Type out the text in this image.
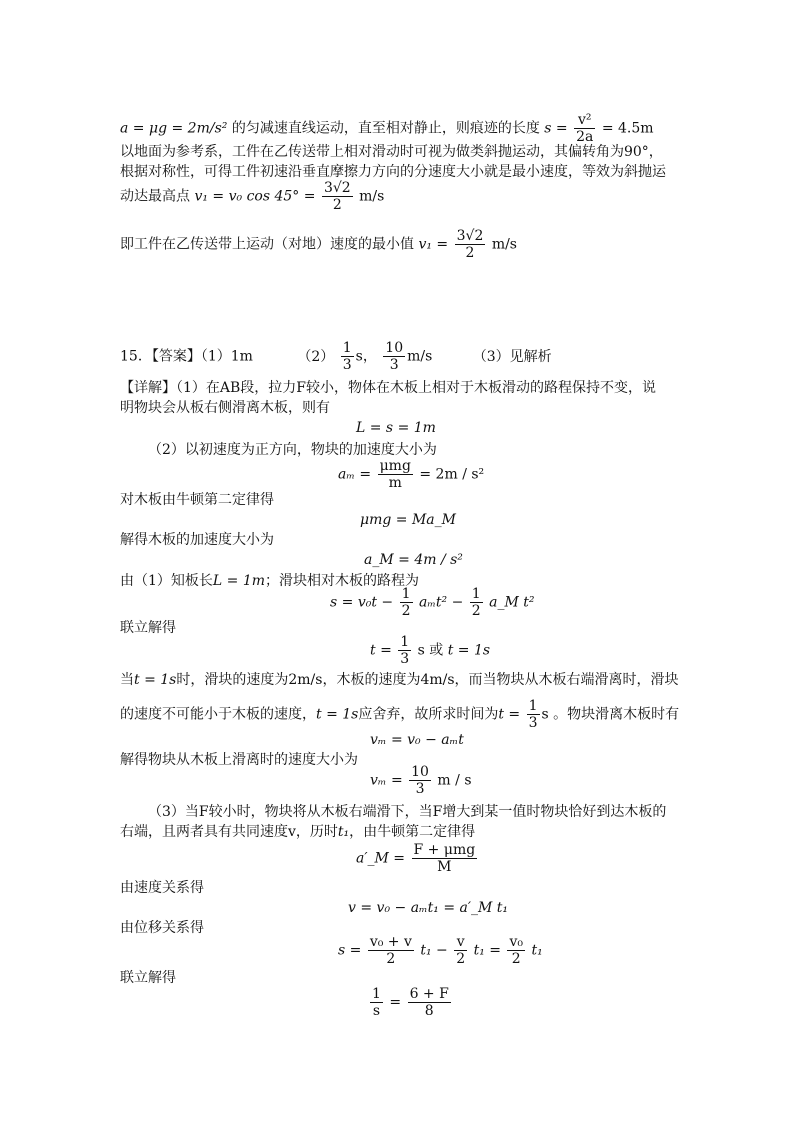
a = μg = 2m/s² 的匀减速直线运动，直至相对静止，则痕迹的长度 $s = \frac{\text{v²}}{2a} = 4.5m$
以地面为参考系，工件在乙传送带上相对滑动时可视为做类斜抛运动，其偏转角为90°，
根据对称性，可得工件初速沿垂直摩擦力方向的分速度大小就是最小速度，等效为斜抛运
动达最高点 v₁ = v₀ $\cos 45^\circ = \frac{3√2}{2} m/s$
即工件在乙传送带上运动（对地）速度的最小值 $v_1 = \frac{3√2}{2} m/s$
15．【答案】（1）1m	$(2) \frac{1}{3}$ s， $\frac{10}{3} m/s$	（3）见解析
【详解】（1）在AB段，拉力F较小，物体在木板上相对于木板滑动的路程保持不变，说
明物块会从板右侧滑离木板，则有
L = s = 1m
（2）以初速度为正方向，物块的加速度大小为
$a_m = \frac{\text{μmg}}{m} = 2m / s^2$
对木板由牛顿第二定律得
μmg = Ma_M
解得木板的加速度大小为
a_M = 4m / s²
由（1）知板长L = 1m；滑块相对木板的路程为
$s = v_0t - \frac{1}{2} a_mt^2 - \frac{1}{2}$ a_M t²
联立解得
$t = \frac{1}{3}$ s 或 t = 1s
当t = 1s时，滑块的速度为2m/s，木板的速度为4m/s，而当物块从木板右端滑离时，滑块
的速度不可能小于木板的速度，t = 1s应舍弃，故所求时间为$t = \frac{1}{3}$ s 。物块滑离木板时有
vₘ = v₀ − aₘt
解得物块从木板上滑离时的速度大小为
$v_m = \frac{10}{3}$ m / s
（3）当F较小时，物块将从木板右端滑下，当F增大到某一值时物块恰好到达木板的
右端，且两者具有共同速度v，历时t₁，由牛顿第二定律得
a′_M = $\frac{\text{F + μmg}}{M}$
由速度关系得
v = v₀ − aₘt₁ = a′_M t₁
由位移关系得
$s = \frac{\text{v₀ + v}}{2} t_1 - \frac{v}{2} t_1 = \frac{\text{v₀}}{2} t_1$
联立解得
$\frac{1}{s} = \frac{6 + F}{8}$
